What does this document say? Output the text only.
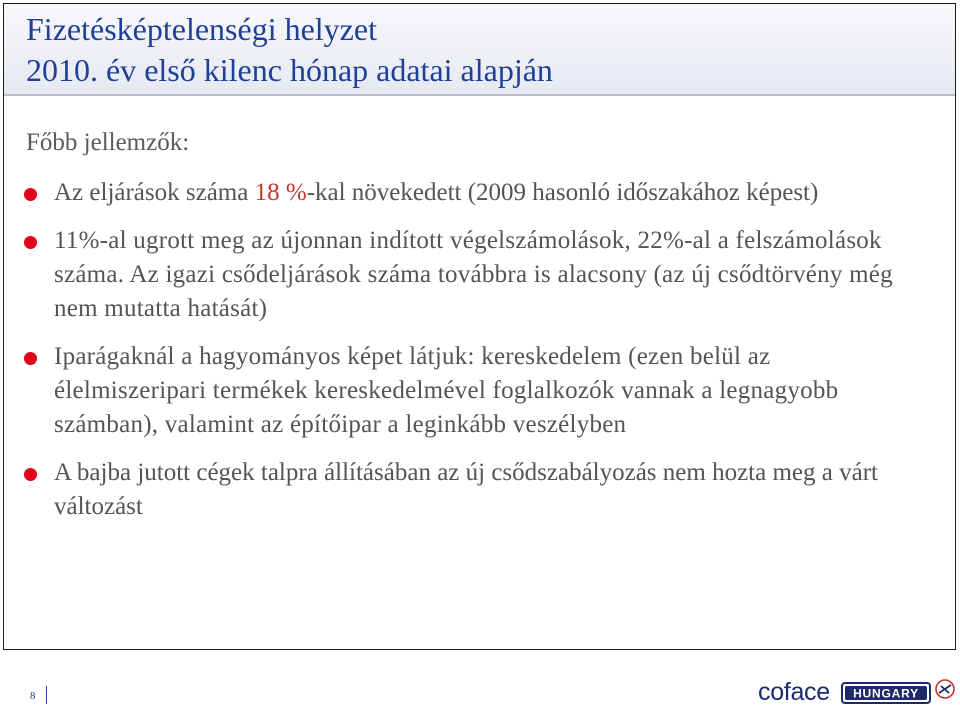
Fizetésképtelenségi helyzet
2010. év első kilenc hónap adatai alapján
Főbb jellemzők:
Az eljárások száma 18 %-kal növekedett (2009 hasonló időszakához képest)
11%-al ugrott meg az újonnan indított végelszámolások, 22%-al a felszámolások száma. Az igazi csődeljárások száma továbbra is alacsony (az új csődtörvény még nem mutatta hatását)
Iparágaknál a hagyományos képet látjuk: kereskedelem (ezen belül az élelmiszeripari termékek kereskedelmével foglalkozók vannak a legnagyobb számban), valamint az építőipar a leginkább veszélyben
A bajba jutott cégek talpra állításában az új csődszabályozás nem hozta meg a várt változást
8	coface HUNGARY
